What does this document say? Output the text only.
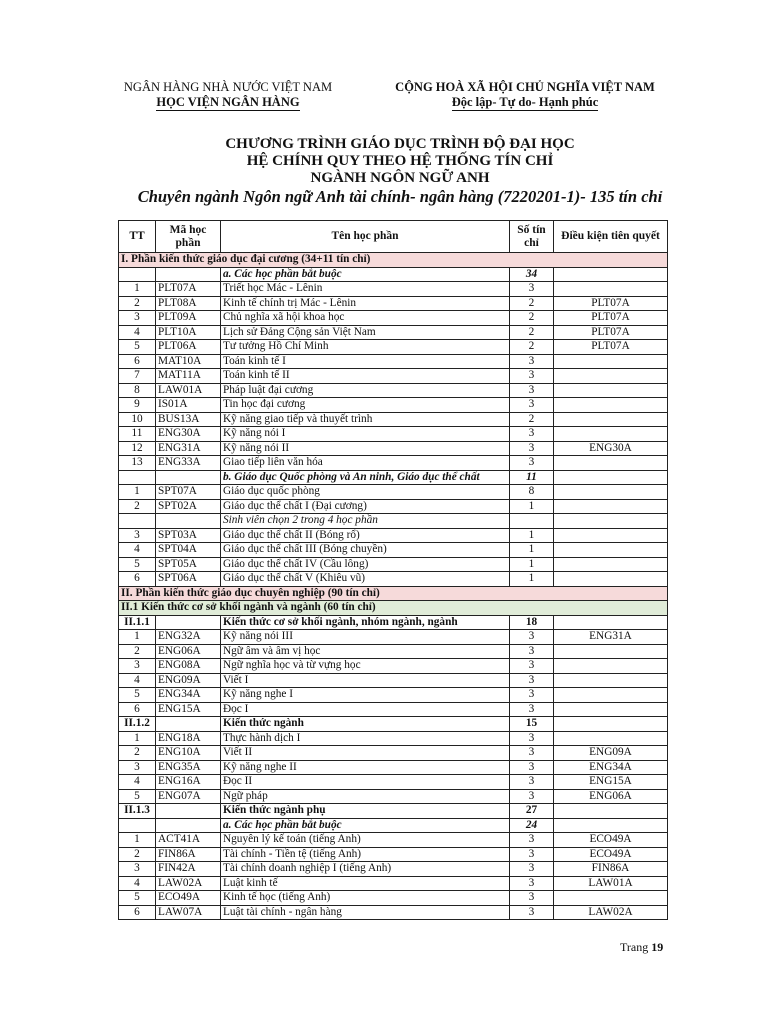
NGÂN HÀNG NHÀ NƯỚC VIỆT NAM
HỌC VIỆN NGÂN HÀNG
CỘNG HOÀ XÃ HỘI CHỦ NGHĨA VIỆT NAM
Độc lập- Tự do- Hạnh phúc
CHƯƠNG TRÌNH GIÁO DỤC TRÌNH ĐỘ ĐẠI HỌC
HỆ CHÍNH QUY THEO HỆ THỐNG TÍN CHỈ
NGÀNH NGÔN NGỮ ANH
Chuyên ngành Ngôn ngữ Anh tài chính- ngân hàng (7220201-1)- 135 tín chỉ
TT	Mã học phần	Tên học phần	Số tín chỉ	Điều kiện tiên quyết
I. Phần kiến thức giáo dục đại cương (34+11 tín chỉ)				
		a. Các học phần bắt buộc	34	
1	PLT07A	Triết học Mác - Lênin	3	
2	PLT08A	Kinh tế chính trị Mác - Lênin	2	PLT07A
3	PLT09A	Chủ nghĩa xã hội khoa học	2	PLT07A
4	PLT10A	Lịch sử Đảng Cộng sản Việt Nam	2	PLT07A
5	PLT06A	Tư tưởng Hồ Chí Minh	2	PLT07A
6	MAT10A	Toán kinh tế I	3	
7	MAT11A	Toán kinh tế II	3	
8	LAW01A	Pháp luật đại cương	3	
9	IS01A	Tin học đại cương	3	
10	BUS13A	Kỹ năng giao tiếp và thuyết trình	2	
11	ENG30A	Kỹ năng nói I	3	
12	ENG31A	Kỹ năng nói II	3	ENG30A
13	ENG33A	Giao tiếp liên văn hóa	3	
		b. Giáo dục Quốc phòng và An ninh, Giáo dục thể chất	11	
1	SPT07A	Giáo dục quốc phòng	8	
2	SPT02A	Giáo dục thể chất I (Đại cương)	1	
		Sinh viên chọn 2 trong 4 học phần		
3	SPT03A	Giáo dục thể chất II (Bóng rổ)	1	
4	SPT04A	Giáo dục thể chất III (Bóng chuyền)	1	
5	SPT05A	Giáo dục thể chất IV (Cầu lông)	1	
6	SPT06A	Giáo dục thể chất V (Khiêu vũ)	1	
II. Phần kiến thức giáo dục chuyên nghiệp (90 tín chỉ)				
II.1 Kiến thức cơ sở khối ngành và ngành (60 tín chỉ)				
II.1.1		Kiến thức cơ sở khối ngành, nhóm ngành, ngành	18	
1	ENG32A	Kỹ năng nói III	3	ENG31A
2	ENG06A	Ngữ âm và âm vị học	3	
3	ENG08A	Ngữ nghĩa học và từ vựng học	3	
4	ENG09A	Viết I	3	
5	ENG34A	Kỹ năng nghe I	3	
6	ENG15A	Đọc I	3	
II.1.2		Kiến thức ngành	15	
1	ENG18A	Thực hành dịch I	3	
2	ENG10A	Viết II	3	ENG09A
3	ENG35A	Kỹ năng nghe II	3	ENG34A
4	ENG16A	Đọc II	3	ENG15A
5	ENG07A	Ngữ pháp	3	ENG06A
II.1.3		Kiến thức ngành phụ	27	
		a. Các học phần bắt buộc	24	
1	ACT41A	Nguyên lý kế toán (tiếng Anh)	3	ECO49A
2	FIN86A	Tài chính - Tiền tệ (tiếng Anh)	3	ECO49A
3	FIN42A	Tài chính doanh nghiệp I (tiếng Anh)	3	FIN86A
4	LAW02A	Luật kinh tế	3	LAW01A
5	ECO49A	Kinh tế học (tiếng Anh)	3	
6	LAW07A	Luật tài chính - ngân hàng	3	LAW02A
Trang 19
